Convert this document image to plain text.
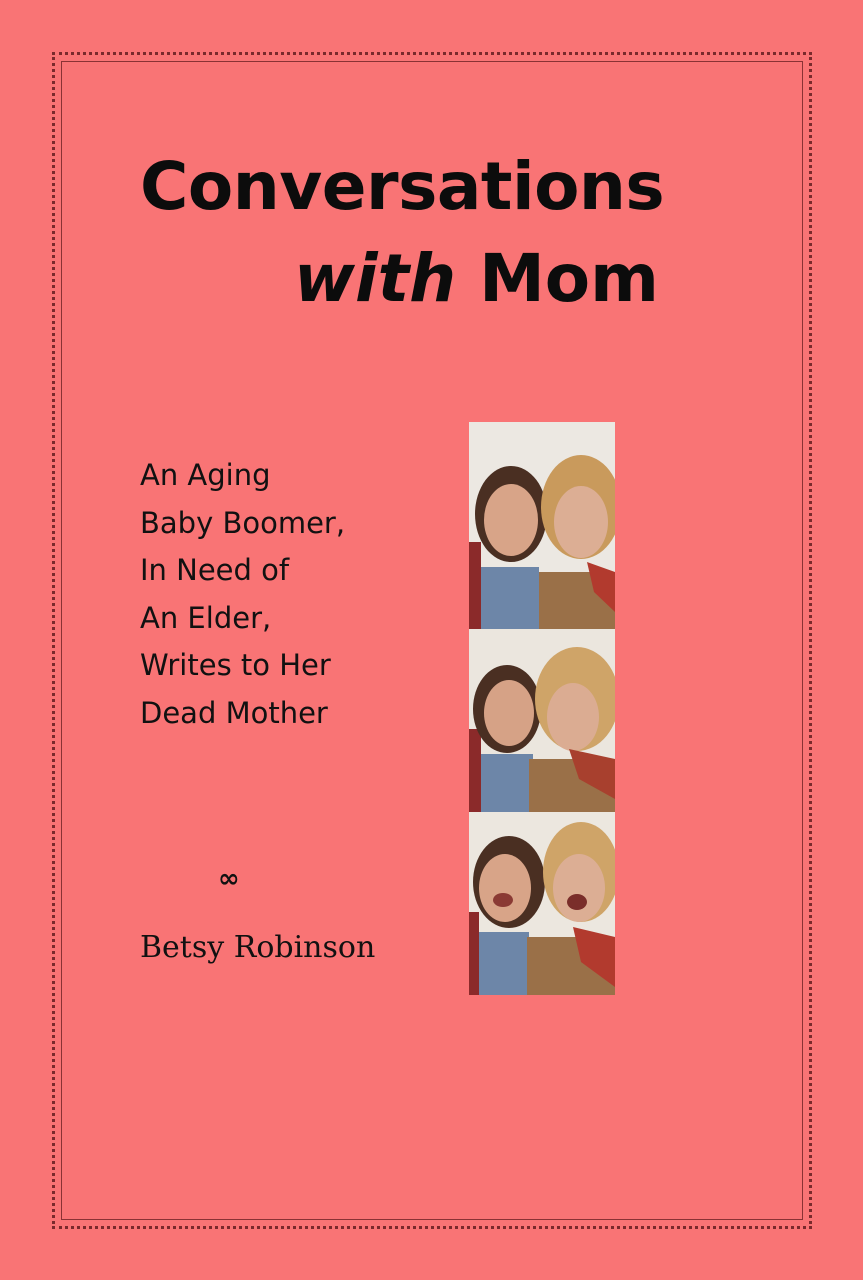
Conversations
with Mom
An Aging
Baby Boomer,
In Need of
An Elder,
Writes to Her
Dead Mother
∞
Betsy Robinson
